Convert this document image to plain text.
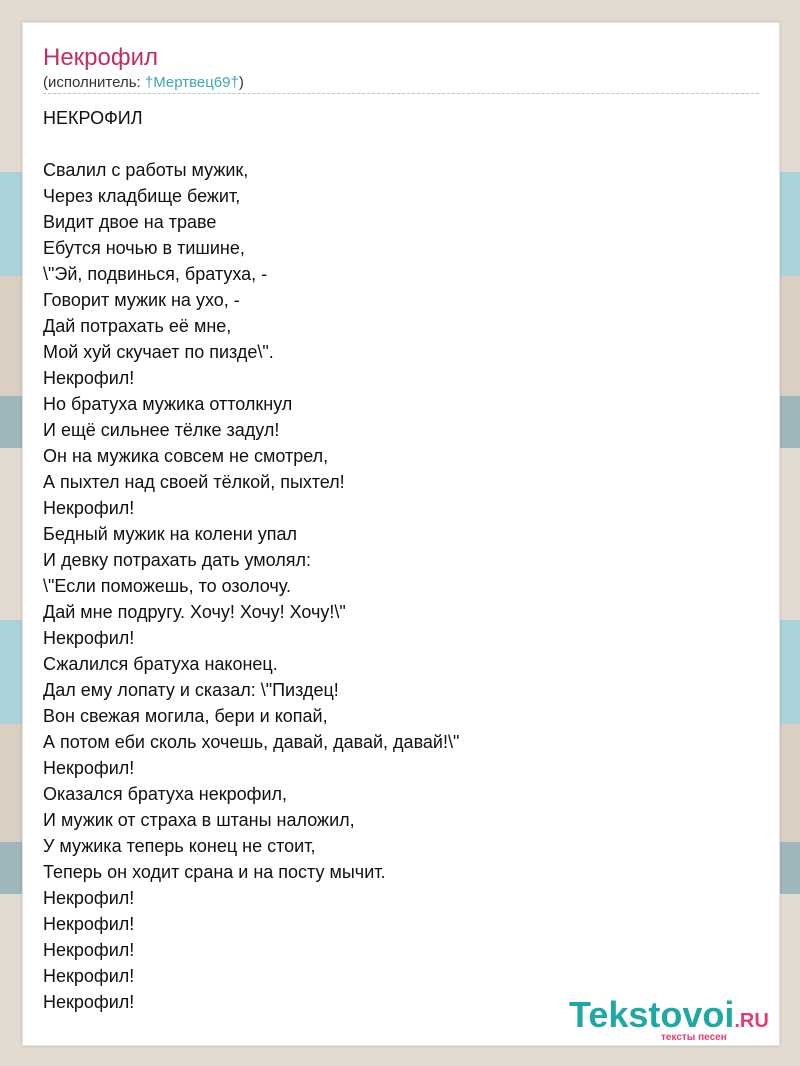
Некрофил
(исполнитель: †Мертвец69†)
НЕКРОФИЛ
Свалил с работы мужик,
Через кладбище бежит,
Видит двое на траве
Ебутся ночью в тишине,
\"Эй, подвинься, братуха, -
Говорит мужик на ухо, -
Дай потрахать её мне,
Мой хуй скучает по пизде\".
Некрофил!
Но братуха мужика оттолкнул
И ещё сильнее тёлке задул!
Он на мужика совсем не смотрел,
А пыхтел над своей тёлкой, пыхтел!
Некрофил!
Бедный мужик на колени упал
И девку потрахать дать умолял:
\"Если поможешь, то озолочу.
Дай мне подругу. Хочу! Хочу! Хочу!\"
Некрофил!
Сжалился братуха наконец.
Дал ему лопату и сказал: \"Пиздец!
Вон свежая могила, бери и копай,
А потом еби сколь хочешь, давай, давай, давай!\"
Некрофил!
Оказался братуха некрофил,
И мужик от страха в штаны наложил,
У мужика теперь конец не стоит,
Теперь он ходит срана и на посту мычит.
Некрофил!
Некрофил!
Некрофил!
Некрофил!
Некрофил!	Tekstovoi.RU
тексты песен
